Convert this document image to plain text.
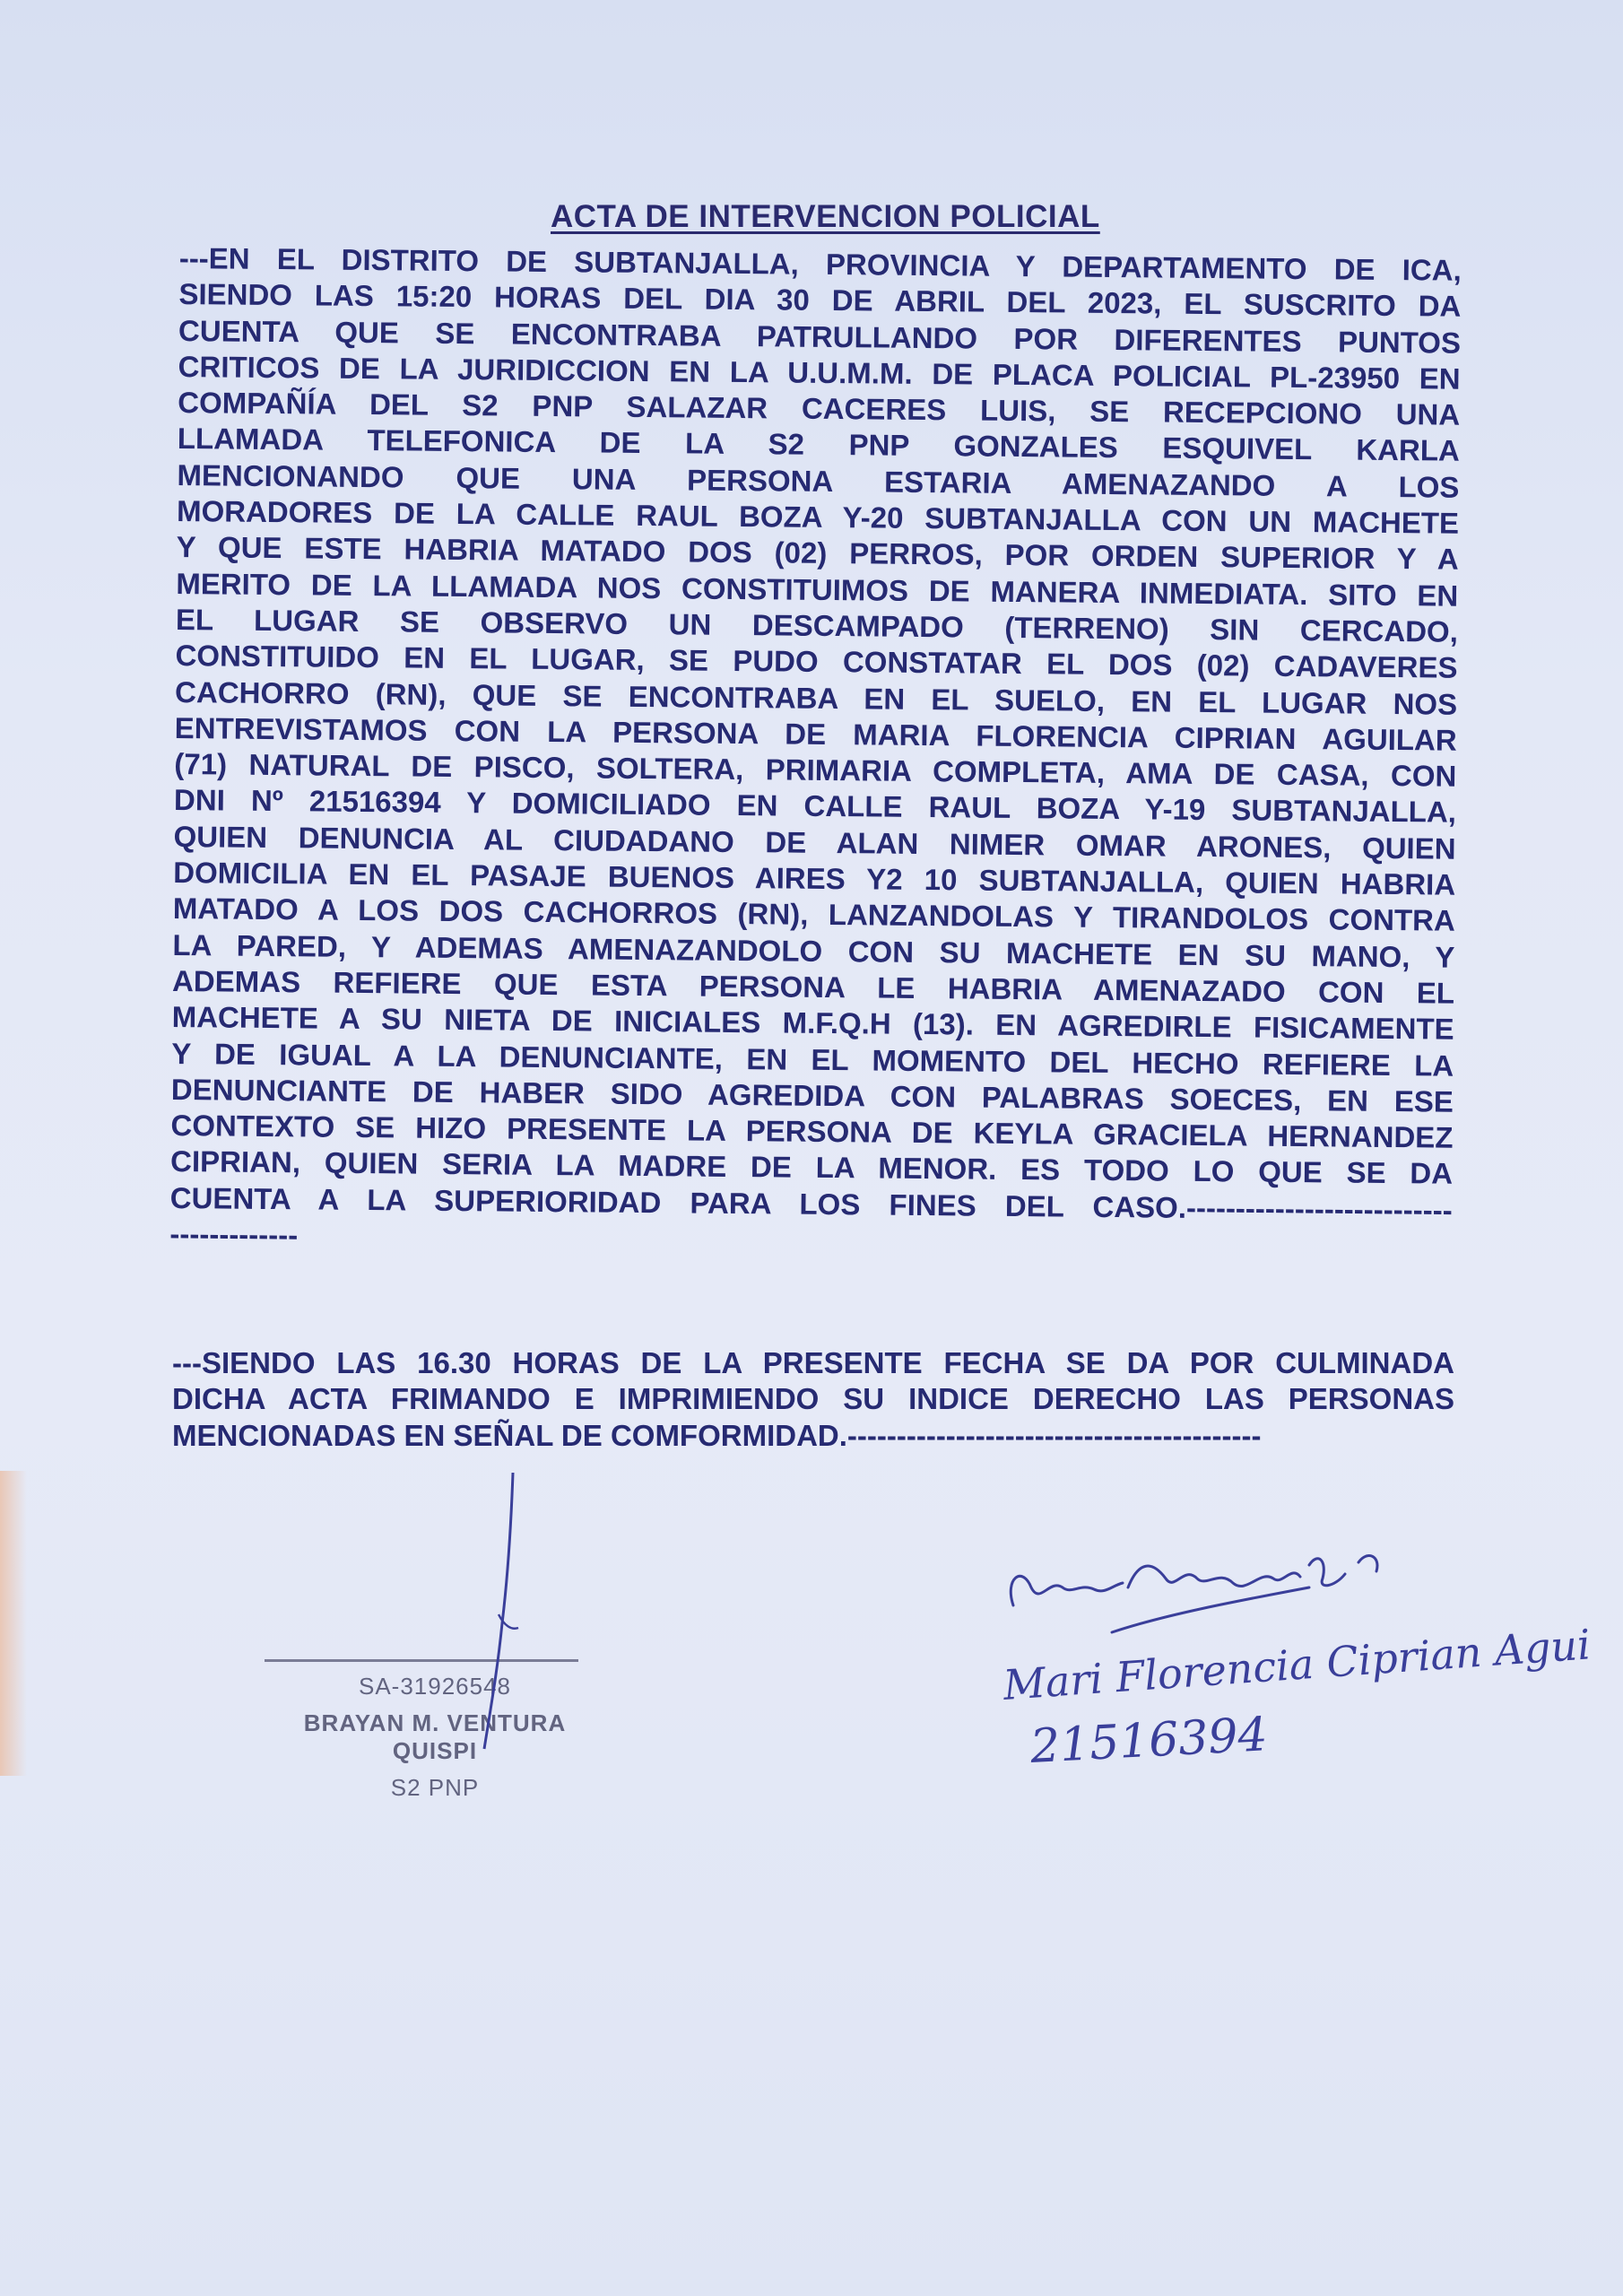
ACTA DE INTERVENCION POLICIAL
---EN EL DISTRITO DE SUBTANJALLA, PROVINCIA Y DEPARTAMENTO DE ICA,
SIENDO LAS 15:20 HORAS DEL DIA 30 DE ABRIL DEL 2023, EL SUSCRITO DA
CUENTA QUE SE ENCONTRABA PATRULLANDO POR DIFERENTES PUNTOS
CRITICOS DE LA JURIDICCION EN LA U.U.M.M. DE PLACA POLICIAL PL-23950 EN
COMPAÑÍA DEL S2 PNP SALAZAR CACERES LUIS, SE RECEPCIONO UNA
LLAMADA TELEFONICA DE LA S2 PNP GONZALES ESQUIVEL KARLA
MENCIONANDO QUE UNA PERSONA ESTARIA AMENAZANDO A LOS
MORADORES DE LA CALLE RAUL BOZA Y-20 SUBTANJALLA CON UN MACHETE
Y QUE ESTE HABRIA MATADO DOS (02) PERROS, POR ORDEN SUPERIOR Y A
MERITO DE LA LLAMADA NOS CONSTITUIMOS DE MANERA INMEDIATA. SITO EN
EL LUGAR SE OBSERVO UN DESCAMPADO (TERRENO) SIN CERCADO,
CONSTITUIDO EN EL LUGAR, SE PUDO CONSTATAR EL DOS (02) CADAVERES
CACHORRO (RN), QUE SE ENCONTRABA EN EL SUELO, EN EL LUGAR NOS
ENTREVISTAMOS CON LA PERSONA DE MARIA FLORENCIA CIPRIAN AGUILAR
(71) NATURAL DE PISCO, SOLTERA, PRIMARIA COMPLETA, AMA DE CASA, CON
DNI Nº 21516394 Y DOMICILIADO EN CALLE RAUL BOZA Y-19 SUBTANJALLA,
QUIEN DENUNCIA AL CIUDADANO DE ALAN NIMER OMAR ARONES, QUIEN
DOMICILIA EN EL PASAJE BUENOS AIRES Y2 10 SUBTANJALLA, QUIEN HABRIA
MATADO A LOS DOS CACHORROS (RN), LANZANDOLAS Y TIRANDOLOS CONTRA
LA PARED, Y ADEMAS AMENAZANDOLO CON SU MACHETE EN SU MANO, Y
ADEMAS REFIERE QUE ESTA PERSONA LE HABRIA AMENAZADO CON EL
MACHETE A SU NIETA DE INICIALES M.F.Q.H (13). EN AGREDIRLE FISICAMENTE
Y DE IGUAL A LA DENUNCIANTE, EN EL MOMENTO DEL HECHO REFIERE LA
DENUNCIANTE DE HABER SIDO AGREDIDA CON PALABRAS SOECES, EN ESE
CONTEXTO SE HIZO PRESENTE LA PERSONA DE KEYLA GRACIELA HERNANDEZ
CIPRIAN, QUIEN SERIA LA MADRE DE LA MENOR. ES TODO LO QUE SE DA
CUENTA A LA SUPERIORIDAD PARA LOS FINES DEL CASO.---------------------------
-------------
---SIENDO LAS 16.30 HORAS DE LA PRESENTE FECHA SE DA POR CULMINADA
DICHA ACTA FRIMANDO E IMPRIMIENDO SU INDICE DERECHO LAS PERSONAS
MENCIONADAS EN SEÑAL DE COMFORMIDAD.------------------------------------------
SA-31926548
BRAYAN M. VENTURA QUISPI
S2 PNP
Mari Florencia Ciprian Agui
21516394
